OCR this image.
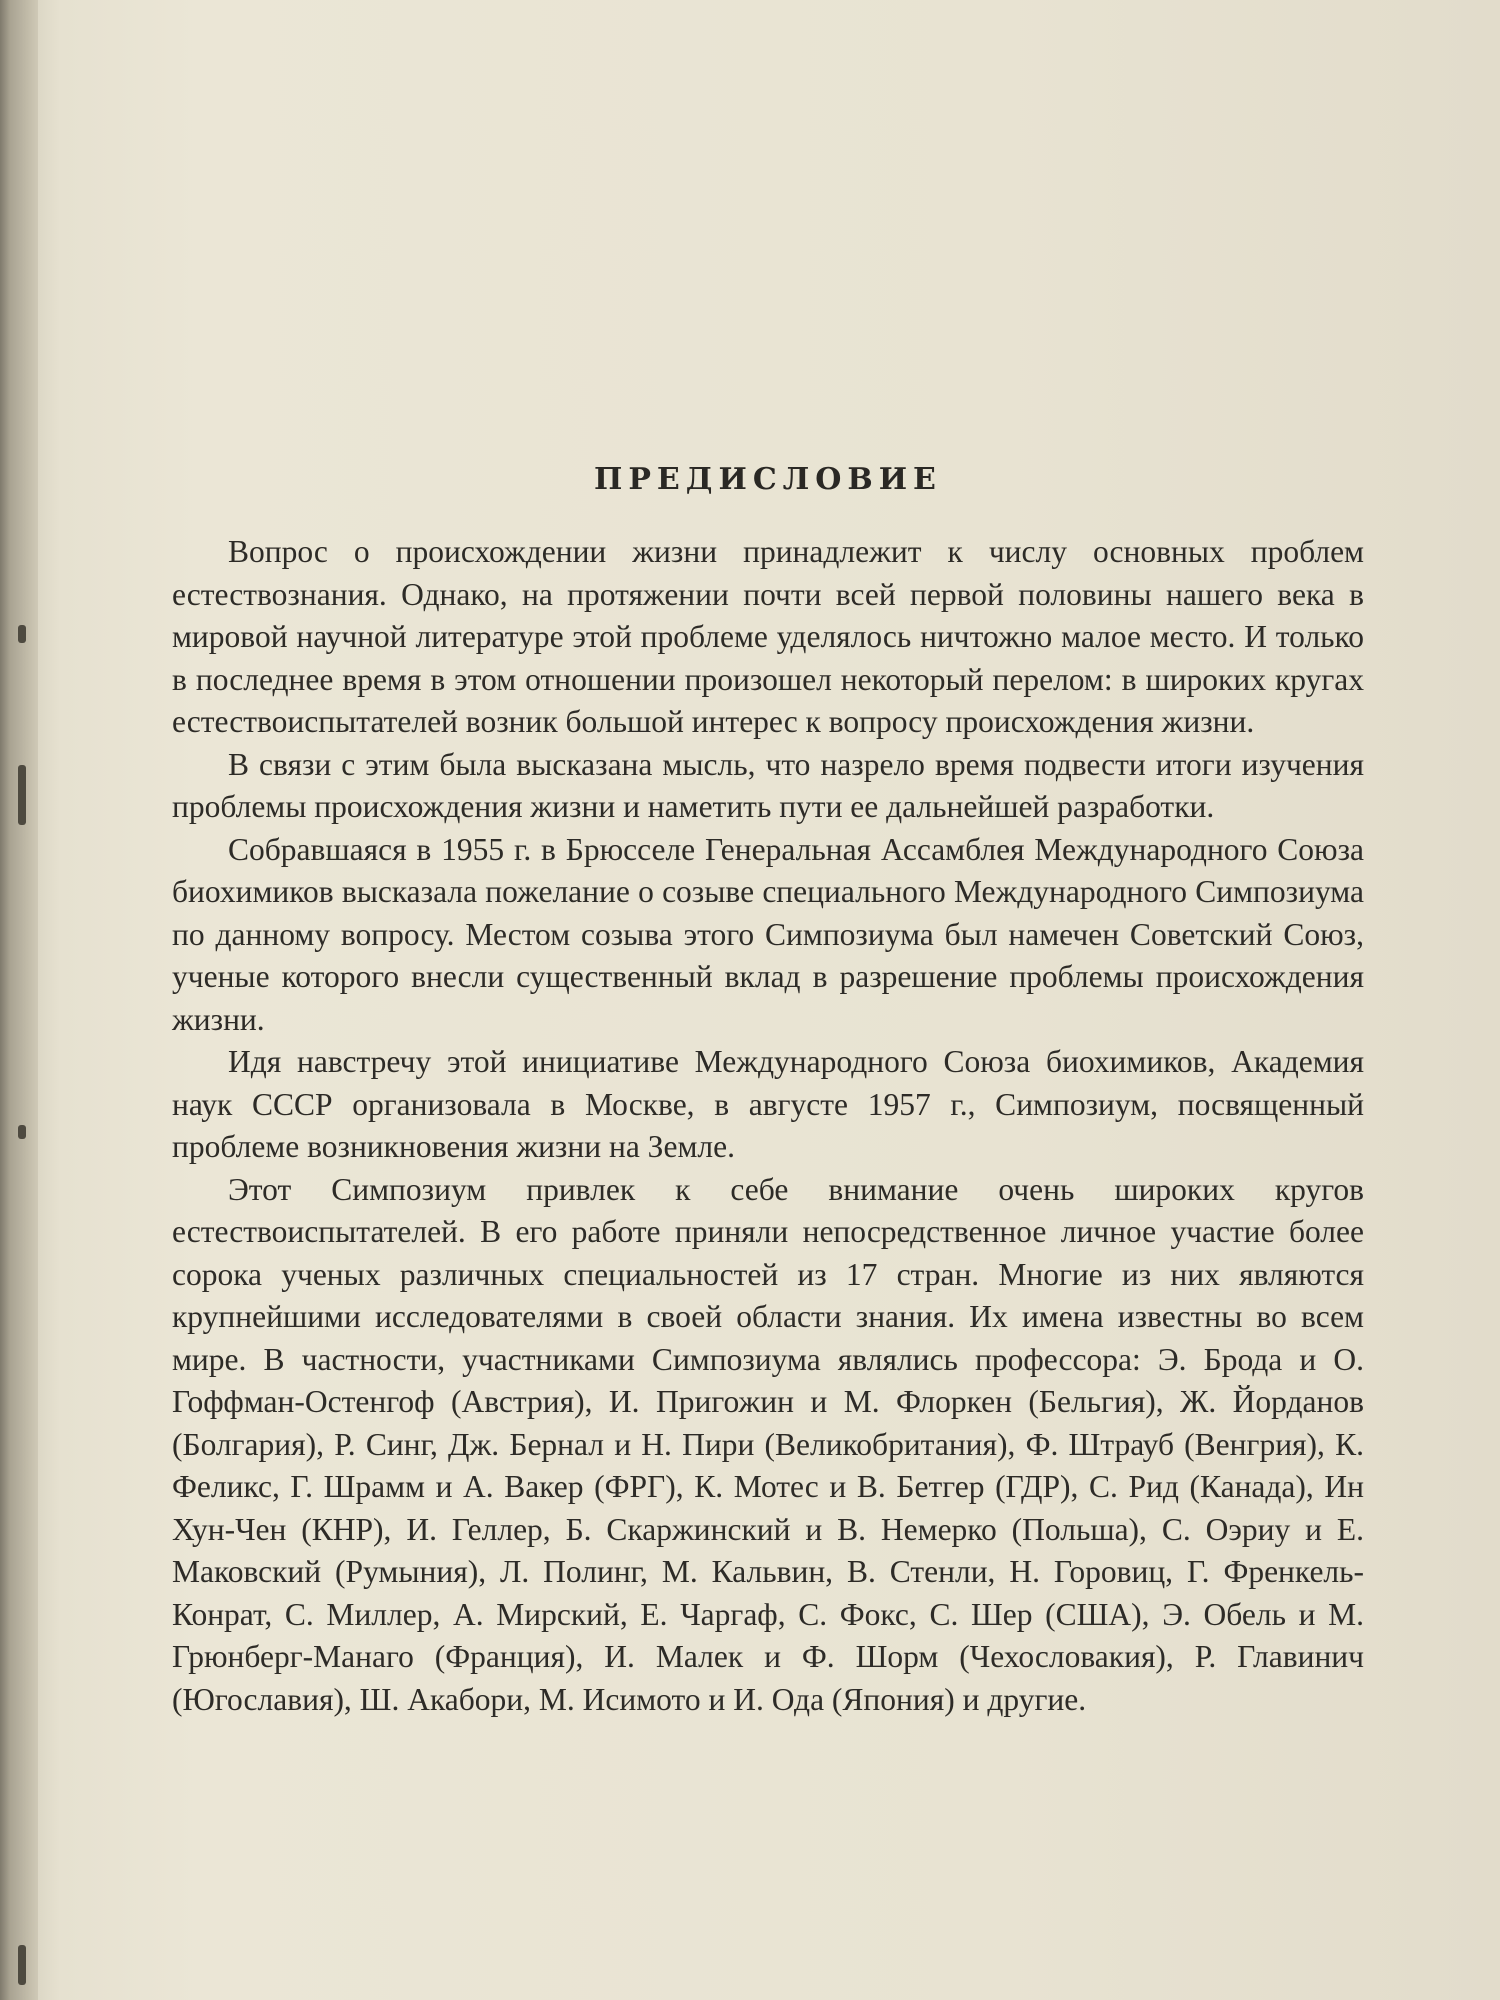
ПРЕДИСЛОВИЕ

Вопрос о происхождении жизни принадлежит к числу основных проблем естествознания. Однако, на протяжении почти всей первой половины нашего века в мировой научной литературе этой проблеме уделялось ничтожно малое место. И только в последнее время в этом отношении произошел некоторый перелом: в широких кругах естествоиспытателей возник большой интерес к вопросу происхождения жизни.

В связи с этим была высказана мысль, что назрело время подвести итоги изучения проблемы происхождения жизни и наметить пути ее дальнейшей разработки.

Собравшаяся в 1955 г. в Брюсселе Генеральная Ассамблея Международного Союза биохимиков высказала пожелание о созыве специального Международного Симпозиума по данному вопросу. Местом созыва этого Симпозиума был намечен Советский Союз, ученые которого внесли существенный вклад в разрешение проблемы происхождения жизни.

Идя навстречу этой инициативе Международного Союза биохимиков, Академия наук СССР организовала в Москве, в августе 1957 г., Симпозиум, посвященный проблеме возникновения жизни на Земле.

Этот Симпозиум привлек к себе внимание очень широких кругов естествоиспытателей. В его работе приняли непосредственное личное участие более сорока ученых различных специальностей из 17 стран. Многие из них являются крупнейшими исследователями в своей области знания. Их имена известны во всем мире. В частности, участниками Симпозиума являлись профессора: Э. Брода и О. Гоффман-Остенгоф (Австрия), И. Пригожин и М. Флоркен (Бельгия), Ж. Йорданов (Болгария), Р. Синг, Дж. Бернал и Н. Пири (Великобритания), Ф. Штрауб (Венгрия), К. Феликс, Г. Шрамм и А. Вакер (ФРГ), К. Мотес и В. Бетгер (ГДР), С. Рид (Канада), Ин Хун-Чен (КНР), И. Геллер, Б. Скаржинский и В. Немерко (Польша), С. Оэриу и Е. Маковский (Румыния), Л. Полинг, М. Кальвин, В. Стенли, Н. Горовиц, Г. Френкель-Конрат, С. Миллер, А. Мирский, Е. Чаргаф, С. Фокс, С. Шер (США), Э. Обель и М. Грюнберг-Манаго (Франция), И. Малек и Ф. Шорм (Чехословакия), Р. Главинич (Югославия), Ш. Акабори, М. Исимото и И. Ода (Япония) и другие.
